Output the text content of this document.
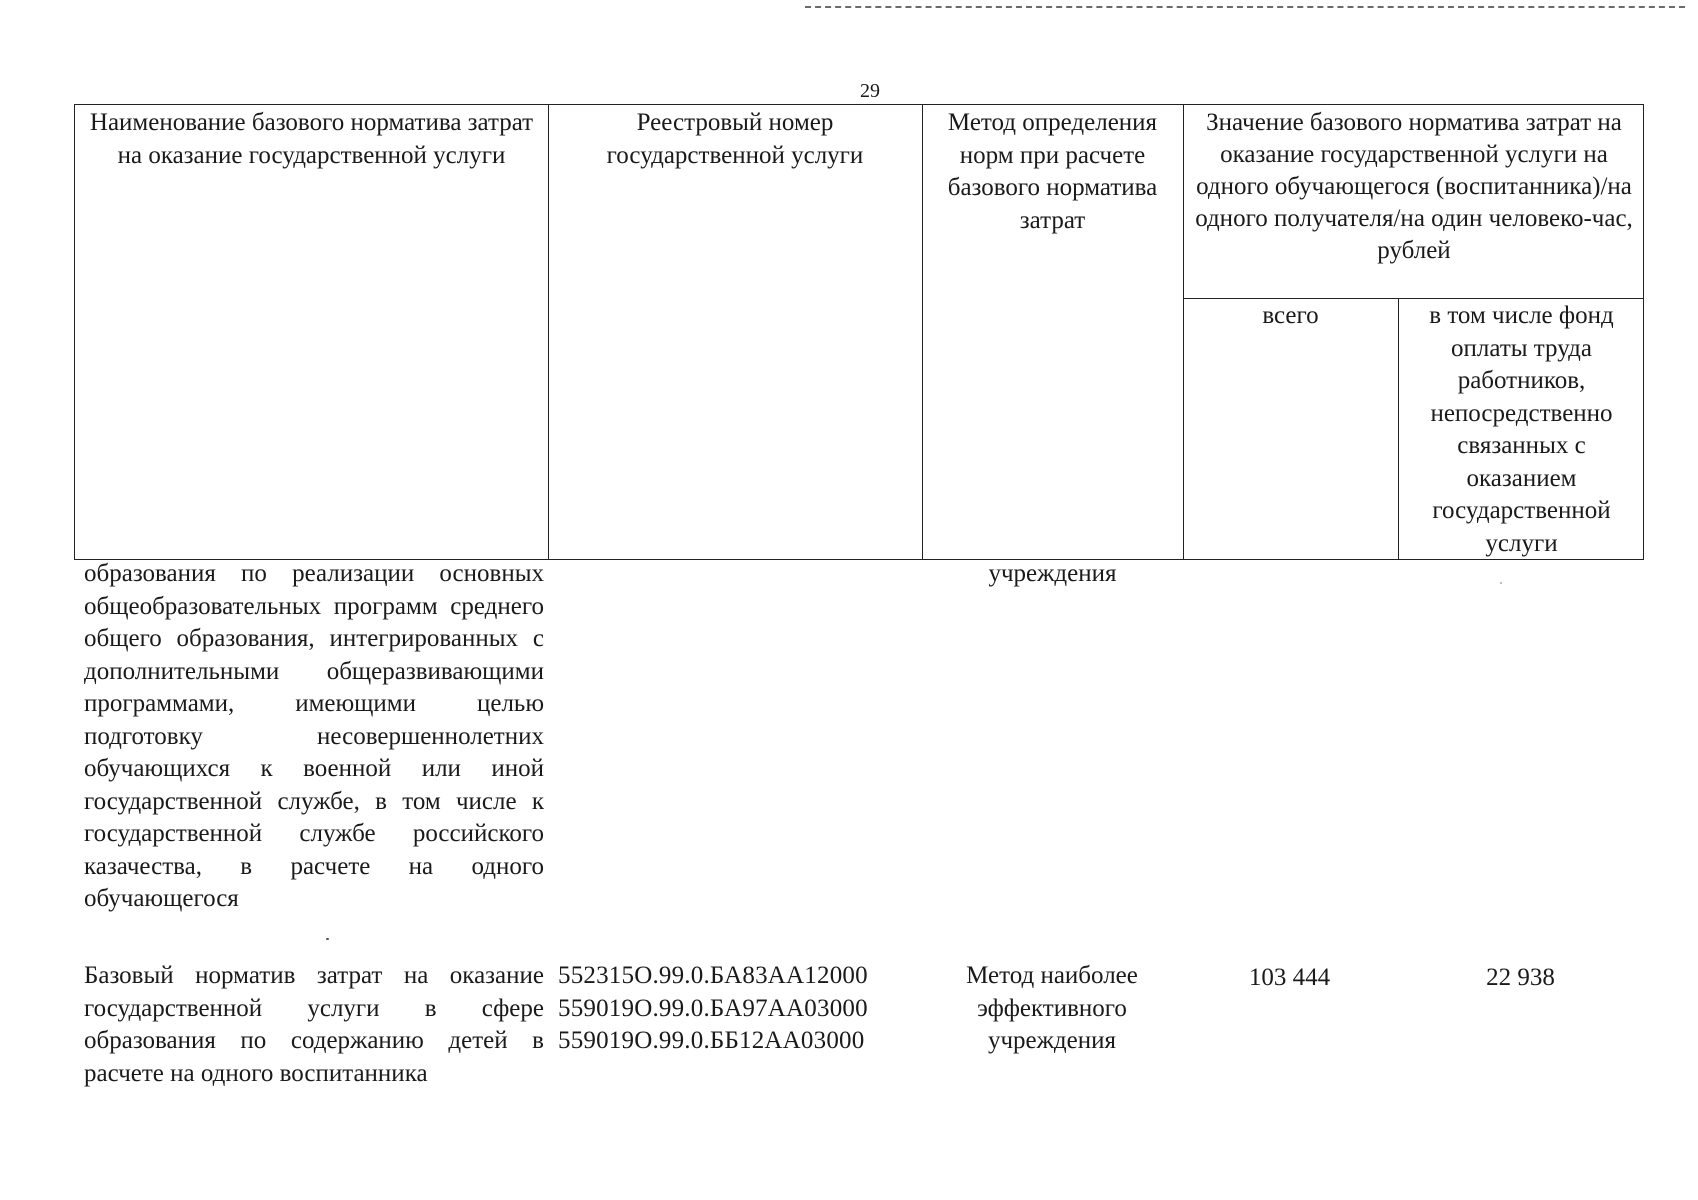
29
Наименование базового норматива затрат на оказание государственной услуги
Реестровый номер государственной услуги
Метод определения норм при расчете базового норматива затрат
Значение базового норматива затрат на оказание государственной услуги на одного обучающегося (воспитанника)/на одного получателя/на один человеко-час, рублей
всего	в том числе фонд оплаты труда работников, непосредственно связанных с оказанием государственной услуги
образования по реализации основных общеобразовательных программ среднего общего образования, интегрированных с дополнительными общеразвивающими программами, имеющими целью подготовку несовершеннолетних обучающихся к военной или иной государственной службе, в том числе к государственной службе российского казачества, в расчете на одного обучающегося
учреждения
Базовый норматив затрат на оказание государственной услуги в сфере образования по содержанию детей в расчете на одного воспитанника
552315О.99.0.БА83АА12000
559019О.99.0.БА97АА03000
559019О.99.0.ББ12АА03000
Метод наиболее эффективного учреждения
103 444	22 938
